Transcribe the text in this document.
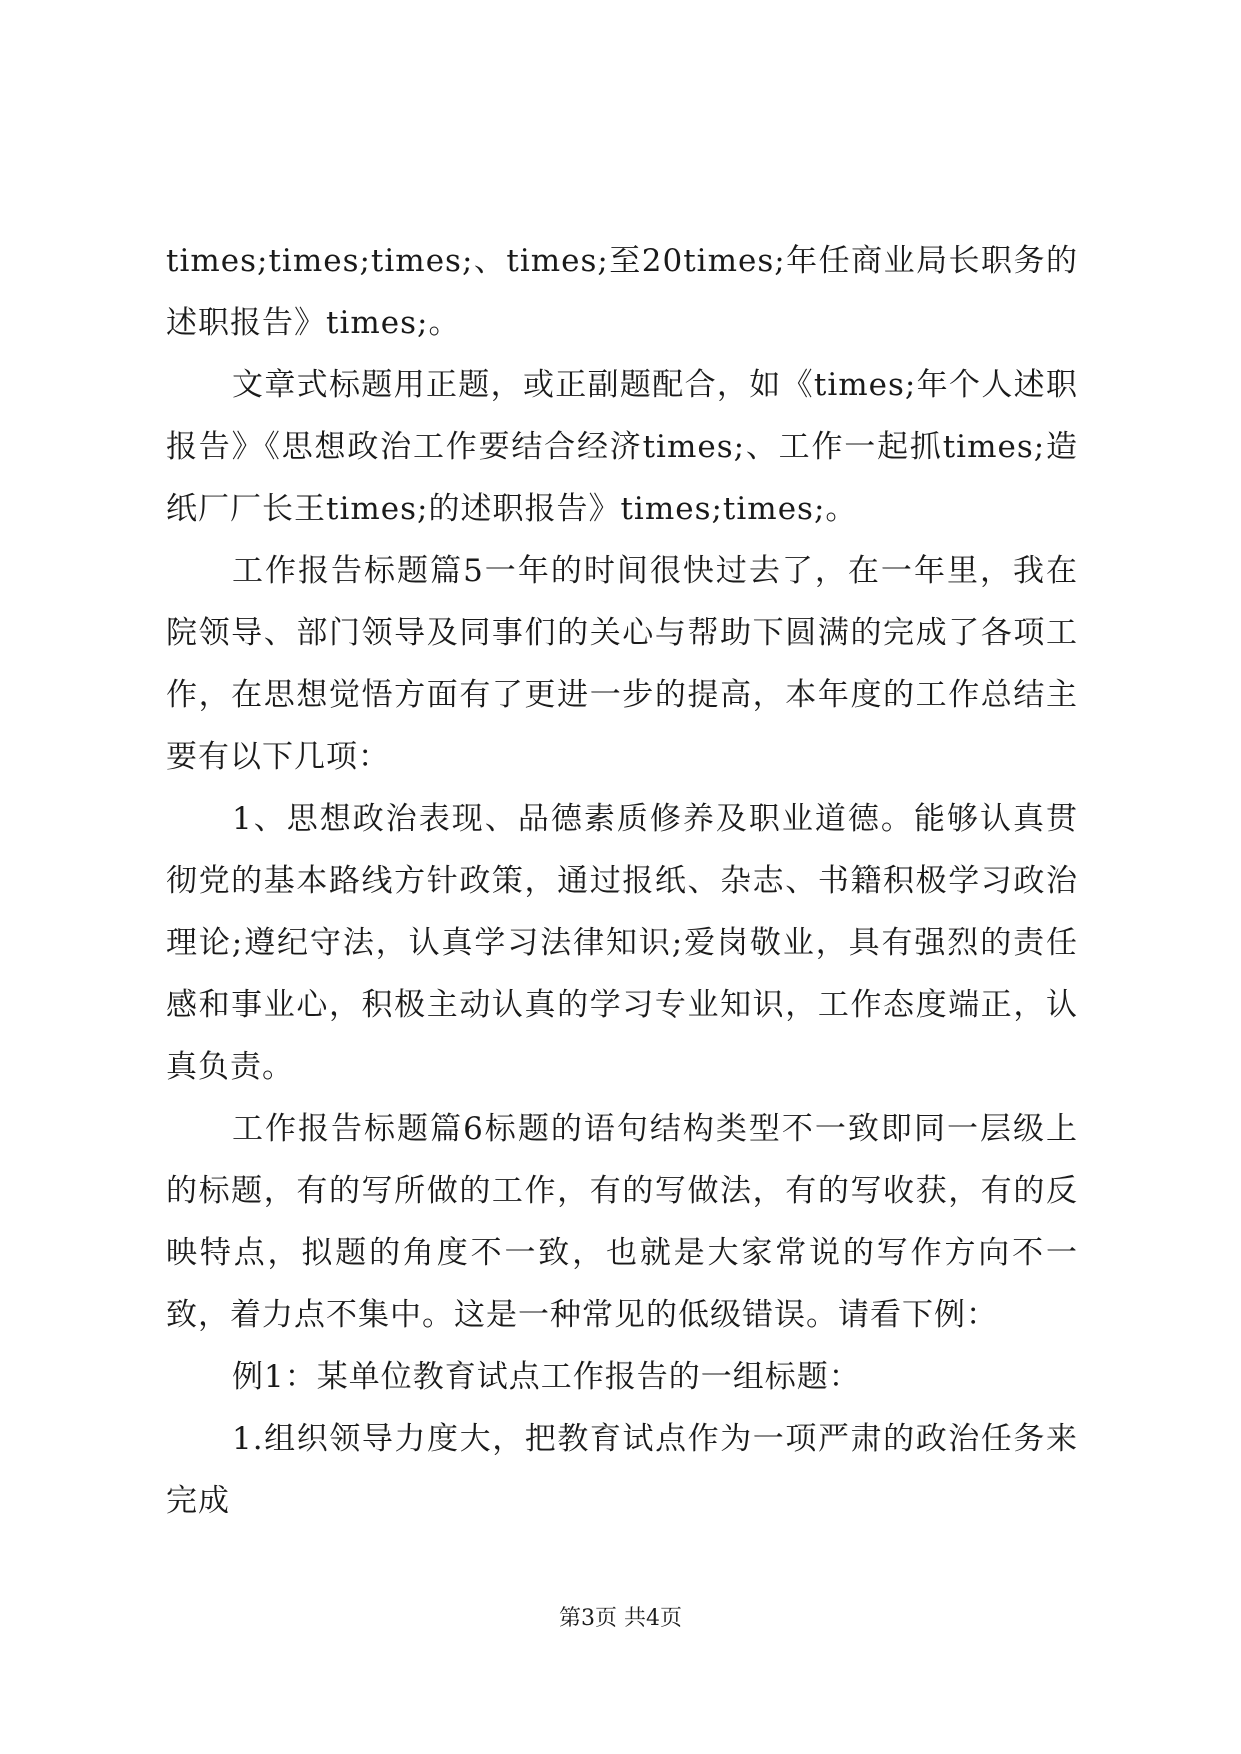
times;times;times;、times;至20times;年任商业局长职务的述职报告》times;。

文章式标题用正题，或正副题配合，如《times;年个人述职报告》《思想政治工作要结合经济times;、工作一起抓times;造纸厂厂长王times;的述职报告》times;times;。

工作报告标题篇5一年的时间很快过去了，在一年里，我在院领导、部门领导及同事们的关心与帮助下圆满的完成了各项工作，在思想觉悟方面有了更进一步的提高，本年度的工作总结主要有以下几项：

1、思想政治表现、品德素质修养及职业道德。能够认真贯彻党的基本路线方针政策，通过报纸、杂志、书籍积极学习政治理论;遵纪守法，认真学习法律知识;爱岗敬业，具有强烈的责任感和事业心，积极主动认真的学习专业知识，工作态度端正，认真负责。

工作报告标题篇6标题的语句结构类型不一致即同一层级上的标题，有的写所做的工作，有的写做法，有的写收获，有的反映特点，拟题的角度不一致，也就是大家常说的写作方向不一致，着力点不集中。这是一种常见的低级错误。请看下例：

例1：某单位教育试点工作报告的一组标题：

1.组织领导力度大，把教育试点作为一项严肃的政治任务来完成

第3页 共4页
